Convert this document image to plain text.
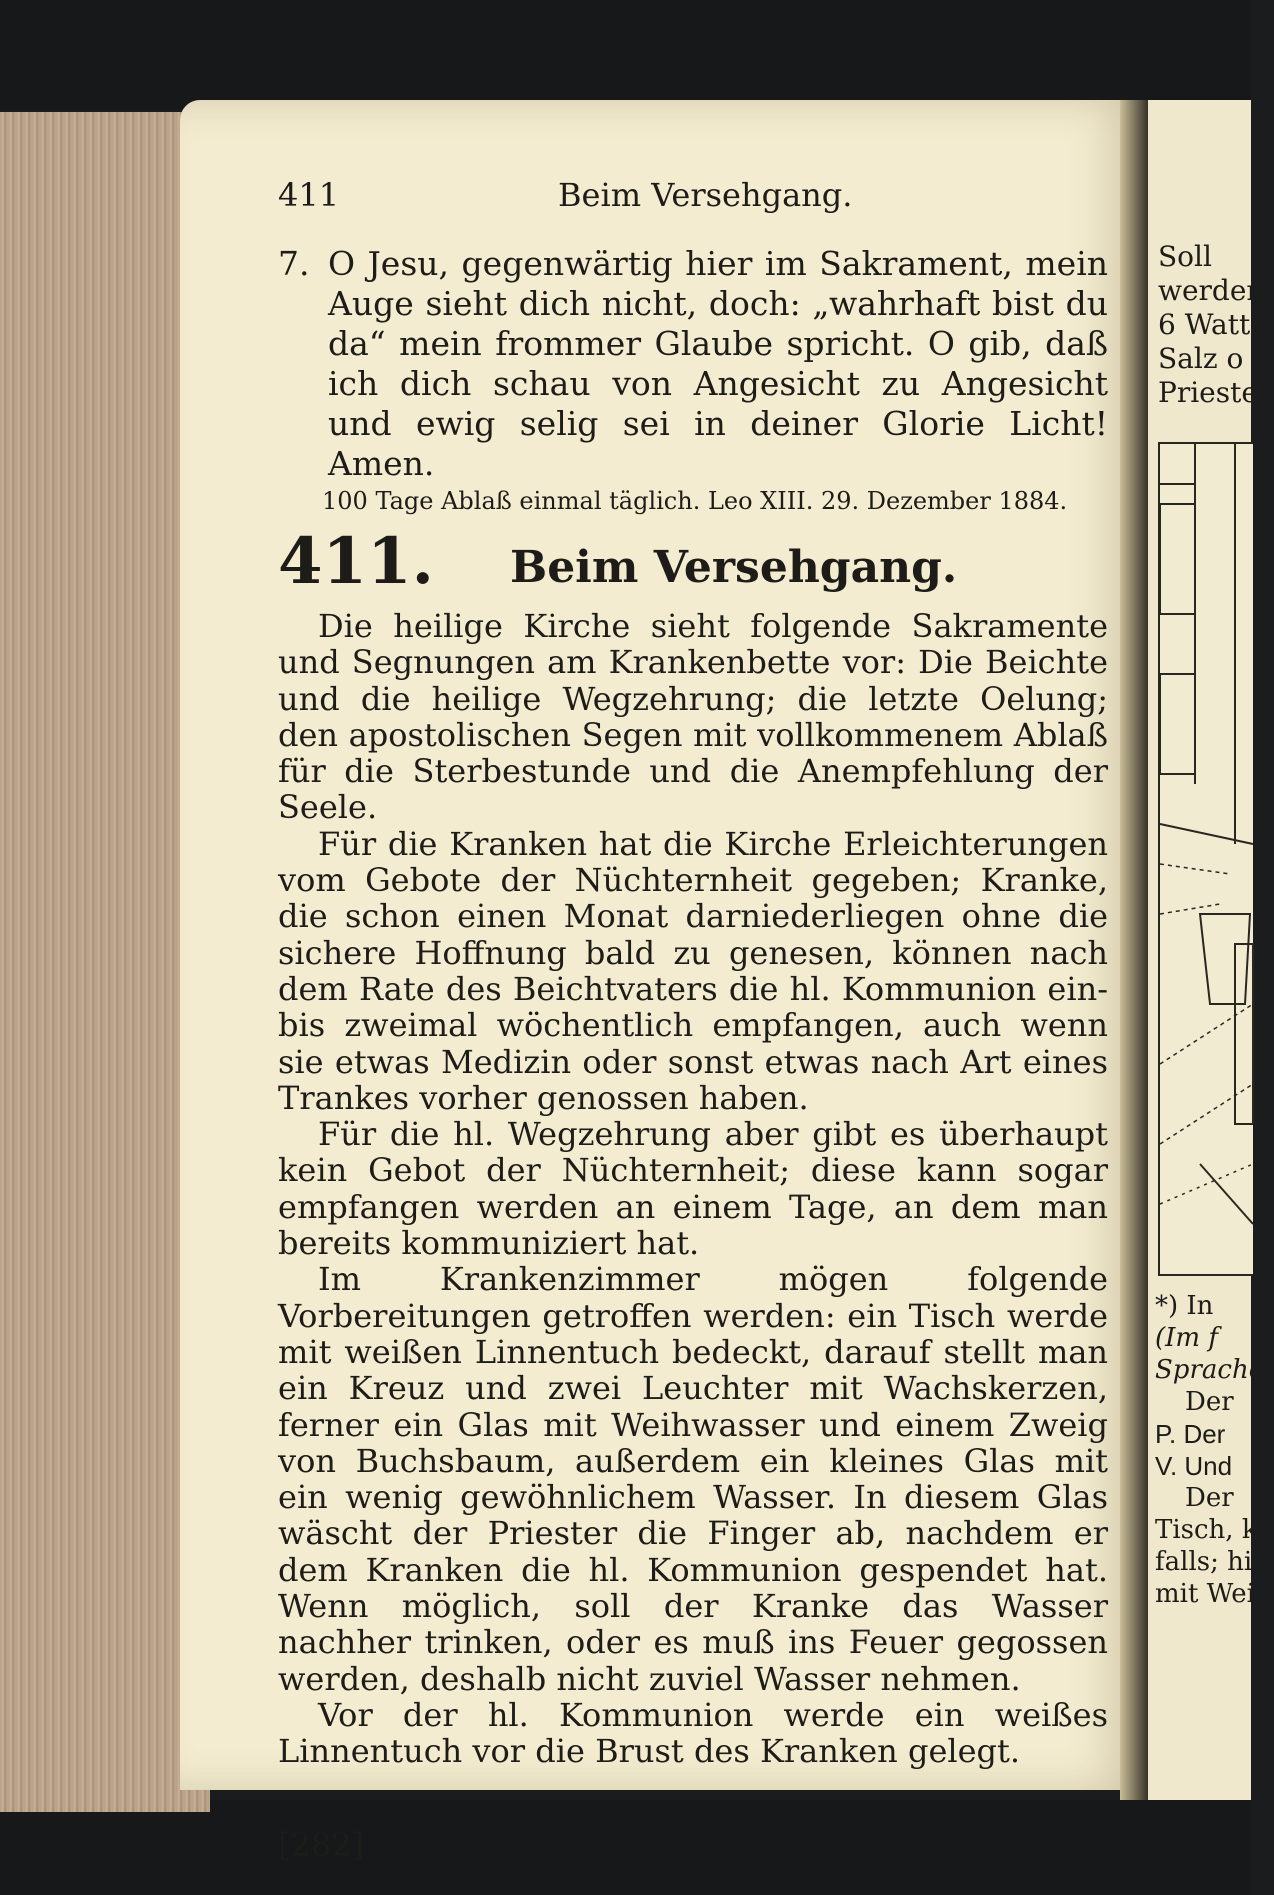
411	Beim Versehgang.
7. O Jesu, gegenwärtig hier im Sakrament, mein Auge sieht dich nicht, doch: „wahrhaft bist du da“ mein frommer Glaube spricht. O gib, daß ich dich schau von Angesicht zu Angesicht und ewig selig sei in deiner Glorie Licht! Amen.
100 Tage Ablaß einmal täglich. Leo XIII. 29. Dezember 1884.
411. Beim Versehgang.

Die heilige Kirche sieht folgende Sakramente und Segnungen am Krankenbette vor: Die Beichte und die heilige Wegzehrung; die letzte Oelung; den apostolischen Segen mit vollkommenem Ablaß für die Sterbestunde und die Anempfehlung der Seele.

Für die Kranken hat die Kirche Erleichterungen vom Gebote der Nüchternheit gegeben; Kranke, die schon einen Monat darniederliegen ohne die sichere Hoffnung bald zu genesen, können nach dem Rate des Beichtvaters die hl. Kommunion ein- bis zweimal wöchentlich empfangen, auch wenn sie etwas Medizin oder sonst etwas nach Art eines Trankes vorher genossen haben.

Für die hl. Wegzehrung aber gibt es überhaupt kein Gebot der Nüchternheit; diese kann sogar empfangen werden an einem Tage, an dem man bereits kommuniziert hat.

Im Krankenzimmer mögen folgende Vorbereitungen getroffen werden: ein Tisch werde mit weißen Linnentuch bedeckt, darauf stellt man ein Kreuz und zwei Leuchter mit Wachskerzen, ferner ein Glas mit Weihwasser und einem Zweig von Buchsbaum, außerdem ein kleines Glas mit ein wenig gewöhnlichem Wasser. In diesem Glas wäscht der Priester die Finger ab, nachdem er dem Kranken die hl. Kommunion gespendet hat. Wenn möglich, soll der Kranke das Wasser nachher trinken, oder es muß ins Feuer gegossen werden, deshalb nicht zuviel Wasser nehmen.

Vor der hl. Kommunion werde ein weißes Linnentuch vor die Brust des Kranken gelegt.

[282]
Soll
werden
6 Watte
Salz o
Priester
*) In
(Im f
Sprache
Der
P. Der
V. Und
Der
Tisch, kn
falls; hi
mit Wei
